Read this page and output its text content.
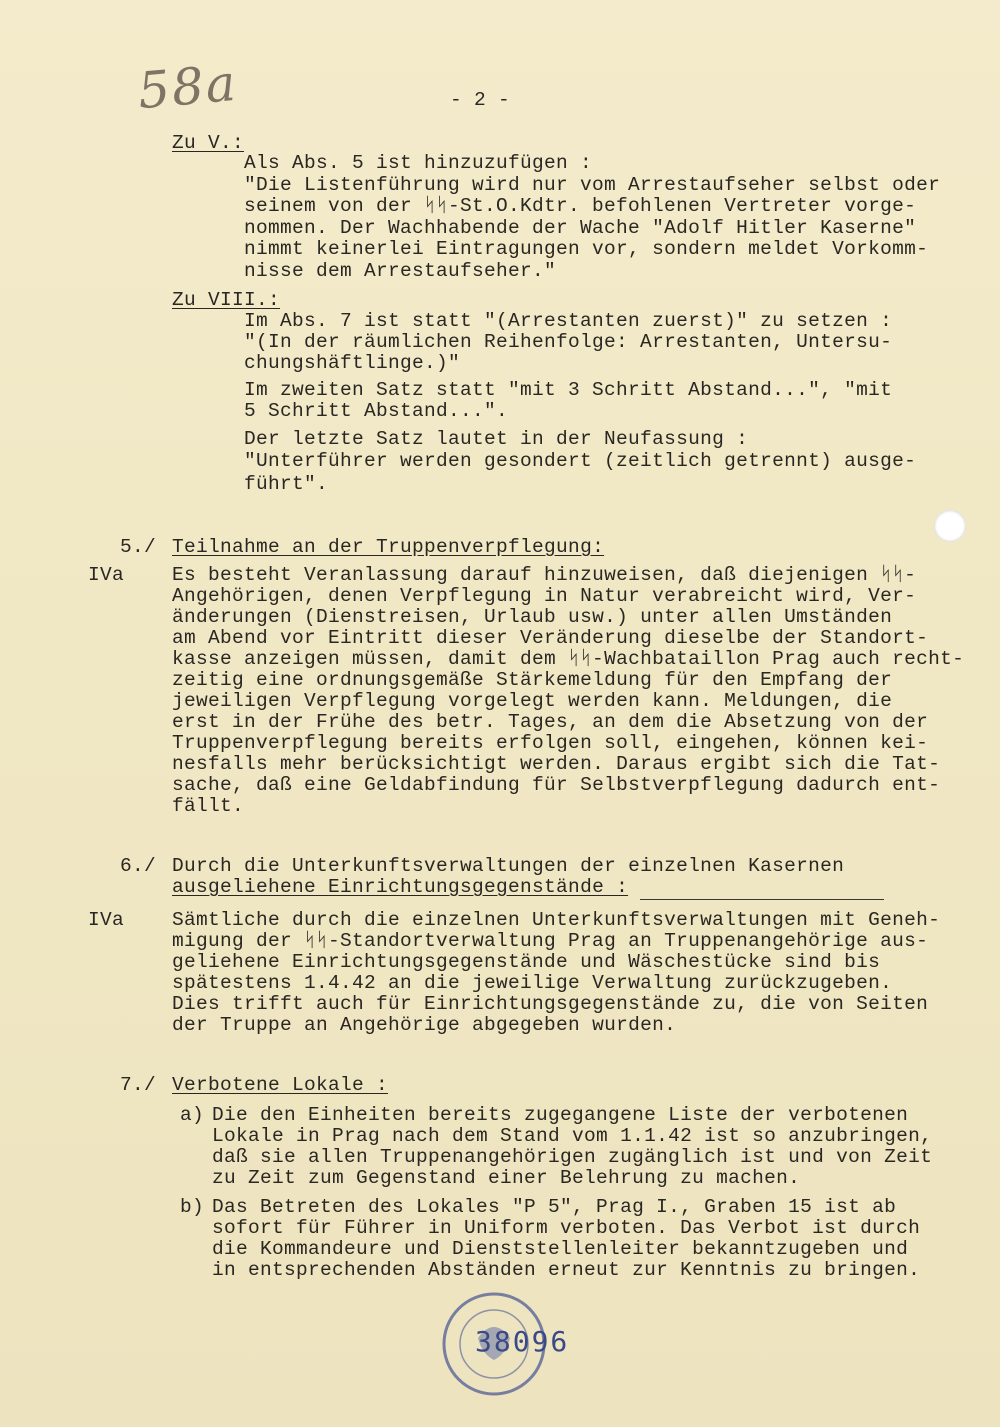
58a	- 2 -
Zu V.:
Als Abs. 5 ist hinzuzufügen :
"Die Listenführung wird nur vom Arrestaufseher selbst oder
seinem von der ᛋᛋ-St.O.Kdtr. befohlenen Vertreter vorge-
nommen. Der Wachhabende der Wache "Adolf Hitler Kaserne"
nimmt keinerlei Eintragungen vor, sondern meldet Vorkomm-
nisse dem Arrestaufseher."
Zu VIII.:
Im Abs. 7 ist statt "(Arrestanten zuerst)" zu setzen :
"(In der räumlichen Reihenfolge: Arrestanten, Untersu-
chungshäftlinge.)"
Im zweiten Satz statt "mit 3 Schritt Abstand...", "mit
5 Schritt Abstand...".
Der letzte Satz lautet in der Neufassung :
"Unterführer werden gesondert (zeitlich getrennt) ausge-
führt".
5./ Teilnahme an der Truppenverpflegung:
IVa Es besteht Veranlassung darauf hinzuweisen, daß diejenigen ᛋᛋ-
Angehörigen, denen Verpflegung in Natur verabreicht wird, Ver-
änderungen (Dienstreisen, Urlaub usw.) unter allen Umständen
am Abend vor Eintritt dieser Veränderung dieselbe der Standort-
kasse anzeigen müssen, damit dem ᛋᛋ-Wachbataillon Prag auch recht-
zeitig eine ordnungsgemäße Stärkemeldung für den Empfang der
jeweiligen Verpflegung vorgelegt werden kann. Meldungen, die
erst in der Frühe des betr. Tages, an dem die Absetzung von der
Truppenverpflegung bereits erfolgen soll, eingehen, können kei-
nesfalls mehr berücksichtigt werden. Daraus ergibt sich die Tat-
sache, daß eine Geldabfindung für Selbstverpflegung dadurch ent-
fällt.
6./ Durch die Unterkunftsverwaltungen der einzelnen Kasernen
ausgeliehene Einrichtungsgegenstände :
IVa Sämtliche durch die einzelnen Unterkunftsverwaltungen mit Geneh-
migung der ᛋᛋ-Standortverwaltung Prag an Truppenangehörige aus-
geliehene Einrichtungsgegenstände und Wäschestücke sind bis
spätestens 1.4.42 an die jeweilige Verwaltung zurückzugeben.
Dies trifft auch für Einrichtungsgegenstände zu, die von Seiten
der Truppe an Angehörige abgegeben wurden.
7./ Verbotene Lokale :
a) Die den Einheiten bereits zugegangene Liste der verbotenen
Lokale in Prag nach dem Stand vom 1.1.42 ist so anzubringen,
daß sie allen Truppenangehörigen zugänglich ist und von Zeit
zu Zeit zum Gegenstand einer Belehrung zu machen.
b) Das Betreten des Lokales "P 5", Prag I., Graben 15 ist ab
sofort für Führer in Uniform verboten. Das Verbot ist durch
die Kommandeure und Dienststellenleiter bekanntzugeben und
in entsprechenden Abständen erneut zur Kenntnis zu bringen.
38096
